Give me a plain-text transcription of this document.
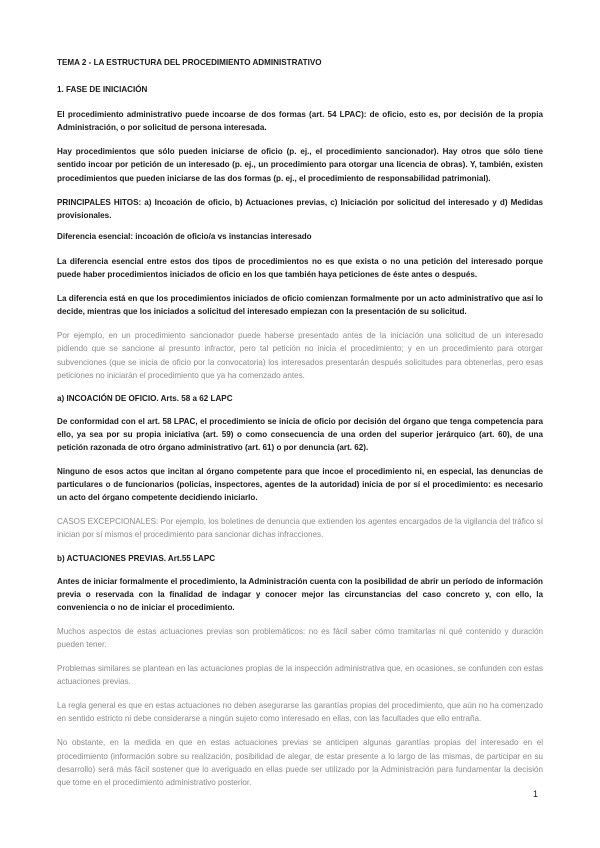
TEMA 2 - LA ESTRUCTURA DEL PROCEDIMIENTO ADMINISTRATIVO

1. FASE DE INICIACIÓN

El procedimiento administrativo puede incoarse de dos formas (art. 54 LPAC): de oficio, esto es, por decisión de la propia Administración, o por solicitud de persona interesada.

Hay procedimientos que sólo pueden iniciarse de oficio (p. ej., el procedimiento sancionador). Hay otros que sólo tiene sentido incoar por petición de un interesado (p. ej., un procedimiento para otorgar una licencia de obras). Y, también, existen procedimientos que pueden iniciarse de las dos formas (p. ej., el procedimiento de responsabilidad patrimonial).

PRINCIPALES HITOS: a) Incoación de oficio, b) Actuaciones previas, c) Iniciación por solicitud del interesado y d) Medidas provisionales.

Diferencia esencial: incoación de oficio/a vs instancias interesado

La diferencia esencial entre estos dos tipos de procedimientos no es que exista o no una petición del interesado porque puede haber procedimientos iniciados de oficio en los que también haya peticiones de éste antes o después.

La diferencia está en que los procedimientos iniciados de oficio comienzan formalmente por un acto administrativo que así lo decide, mientras que los iniciados a solicitud del interesado empiezan con la presentación de su solicitud.

Por ejemplo, en un procedimiento sancionador puede haberse presentado antes de la iniciación una solicitud de un interesado pidiendo que se sancione al presunto infractor, pero tal petición no inicia el procedimiento; y en un procedimiento para otorgar subvenciones (que se inicia de oficio por la convocatoria) los interesados presentarán después solicitudes para obtenerlas, pero esas peticiones no iniciarán el procedimiento que ya ha comenzado antes.

a) INCOACIÓN DE OFICIO. Arts. 58 a 62 LAPC

De conformidad con el art. 58 LPAC, el procedimiento se inicia de oficio por decisión del órgano que tenga competencia para ello, ya sea por su propia iniciativa (art. 59) o como consecuencia de una orden del superior jerárquico (art. 60), de una petición razonada de otro órgano administrativo (art. 61) o por denuncia (art. 62).

Ninguno de esos actos que incitan al órgano competente para que incoe el procedimiento ni, en especial, las denuncias de particulares o de funcionarios (policías, inspectores, agentes de la autoridad) inicia de por sí el procedimiento: es necesario un acto del órgano competente decidiendo iniciarlo.

CASOS EXCEPCIONALES: Por ejemplo, los boletines de denuncia que extienden los agentes encargados de la vigilancia del tráfico sí inician por sí mismos el procedimiento para sancionar dichas infracciones.

b) ACTUACIONES PREVIAS. Art.55 LAPC

Antes de iniciar formalmente el procedimiento, la Administración cuenta con la posibilidad de abrir un período de información previa o reservada con la finalidad de indagar y conocer mejor las circunstancias del caso concreto y, con ello, la conveniencia o no de iniciar el procedimiento.

Muchos aspectos de estas actuaciones previas son problemáticos: no es fácil saber cómo tramitarlas ni qué contenido y duración pueden tener.

Problemas similares se plantean en las actuaciones propias de la inspección administrativa que, en ocasiones, se confunden con estas actuaciones previas.

La regla general es que en estas actuaciones no deben asegurarse las garantías propias del procedimiento, que aún no ha comenzado en sentido estricto ni debe considerarse a ningún sujeto como interesado en ellas, con las facultades que ello entraña.

No obstante, en la medida en que en estas actuaciones previas se anticipen algunas garantías propias del interesado en el procedimiento (información sobre su realización, posibilidad de alegar, de estar presente a lo largo de las mismas, de participar en su desarrollo) será más fácil sostener que lo averiguado en ellas puede ser utilizado por la Administración para fundamentar la decisión que tome en el procedimiento administrativo posterior.

1
